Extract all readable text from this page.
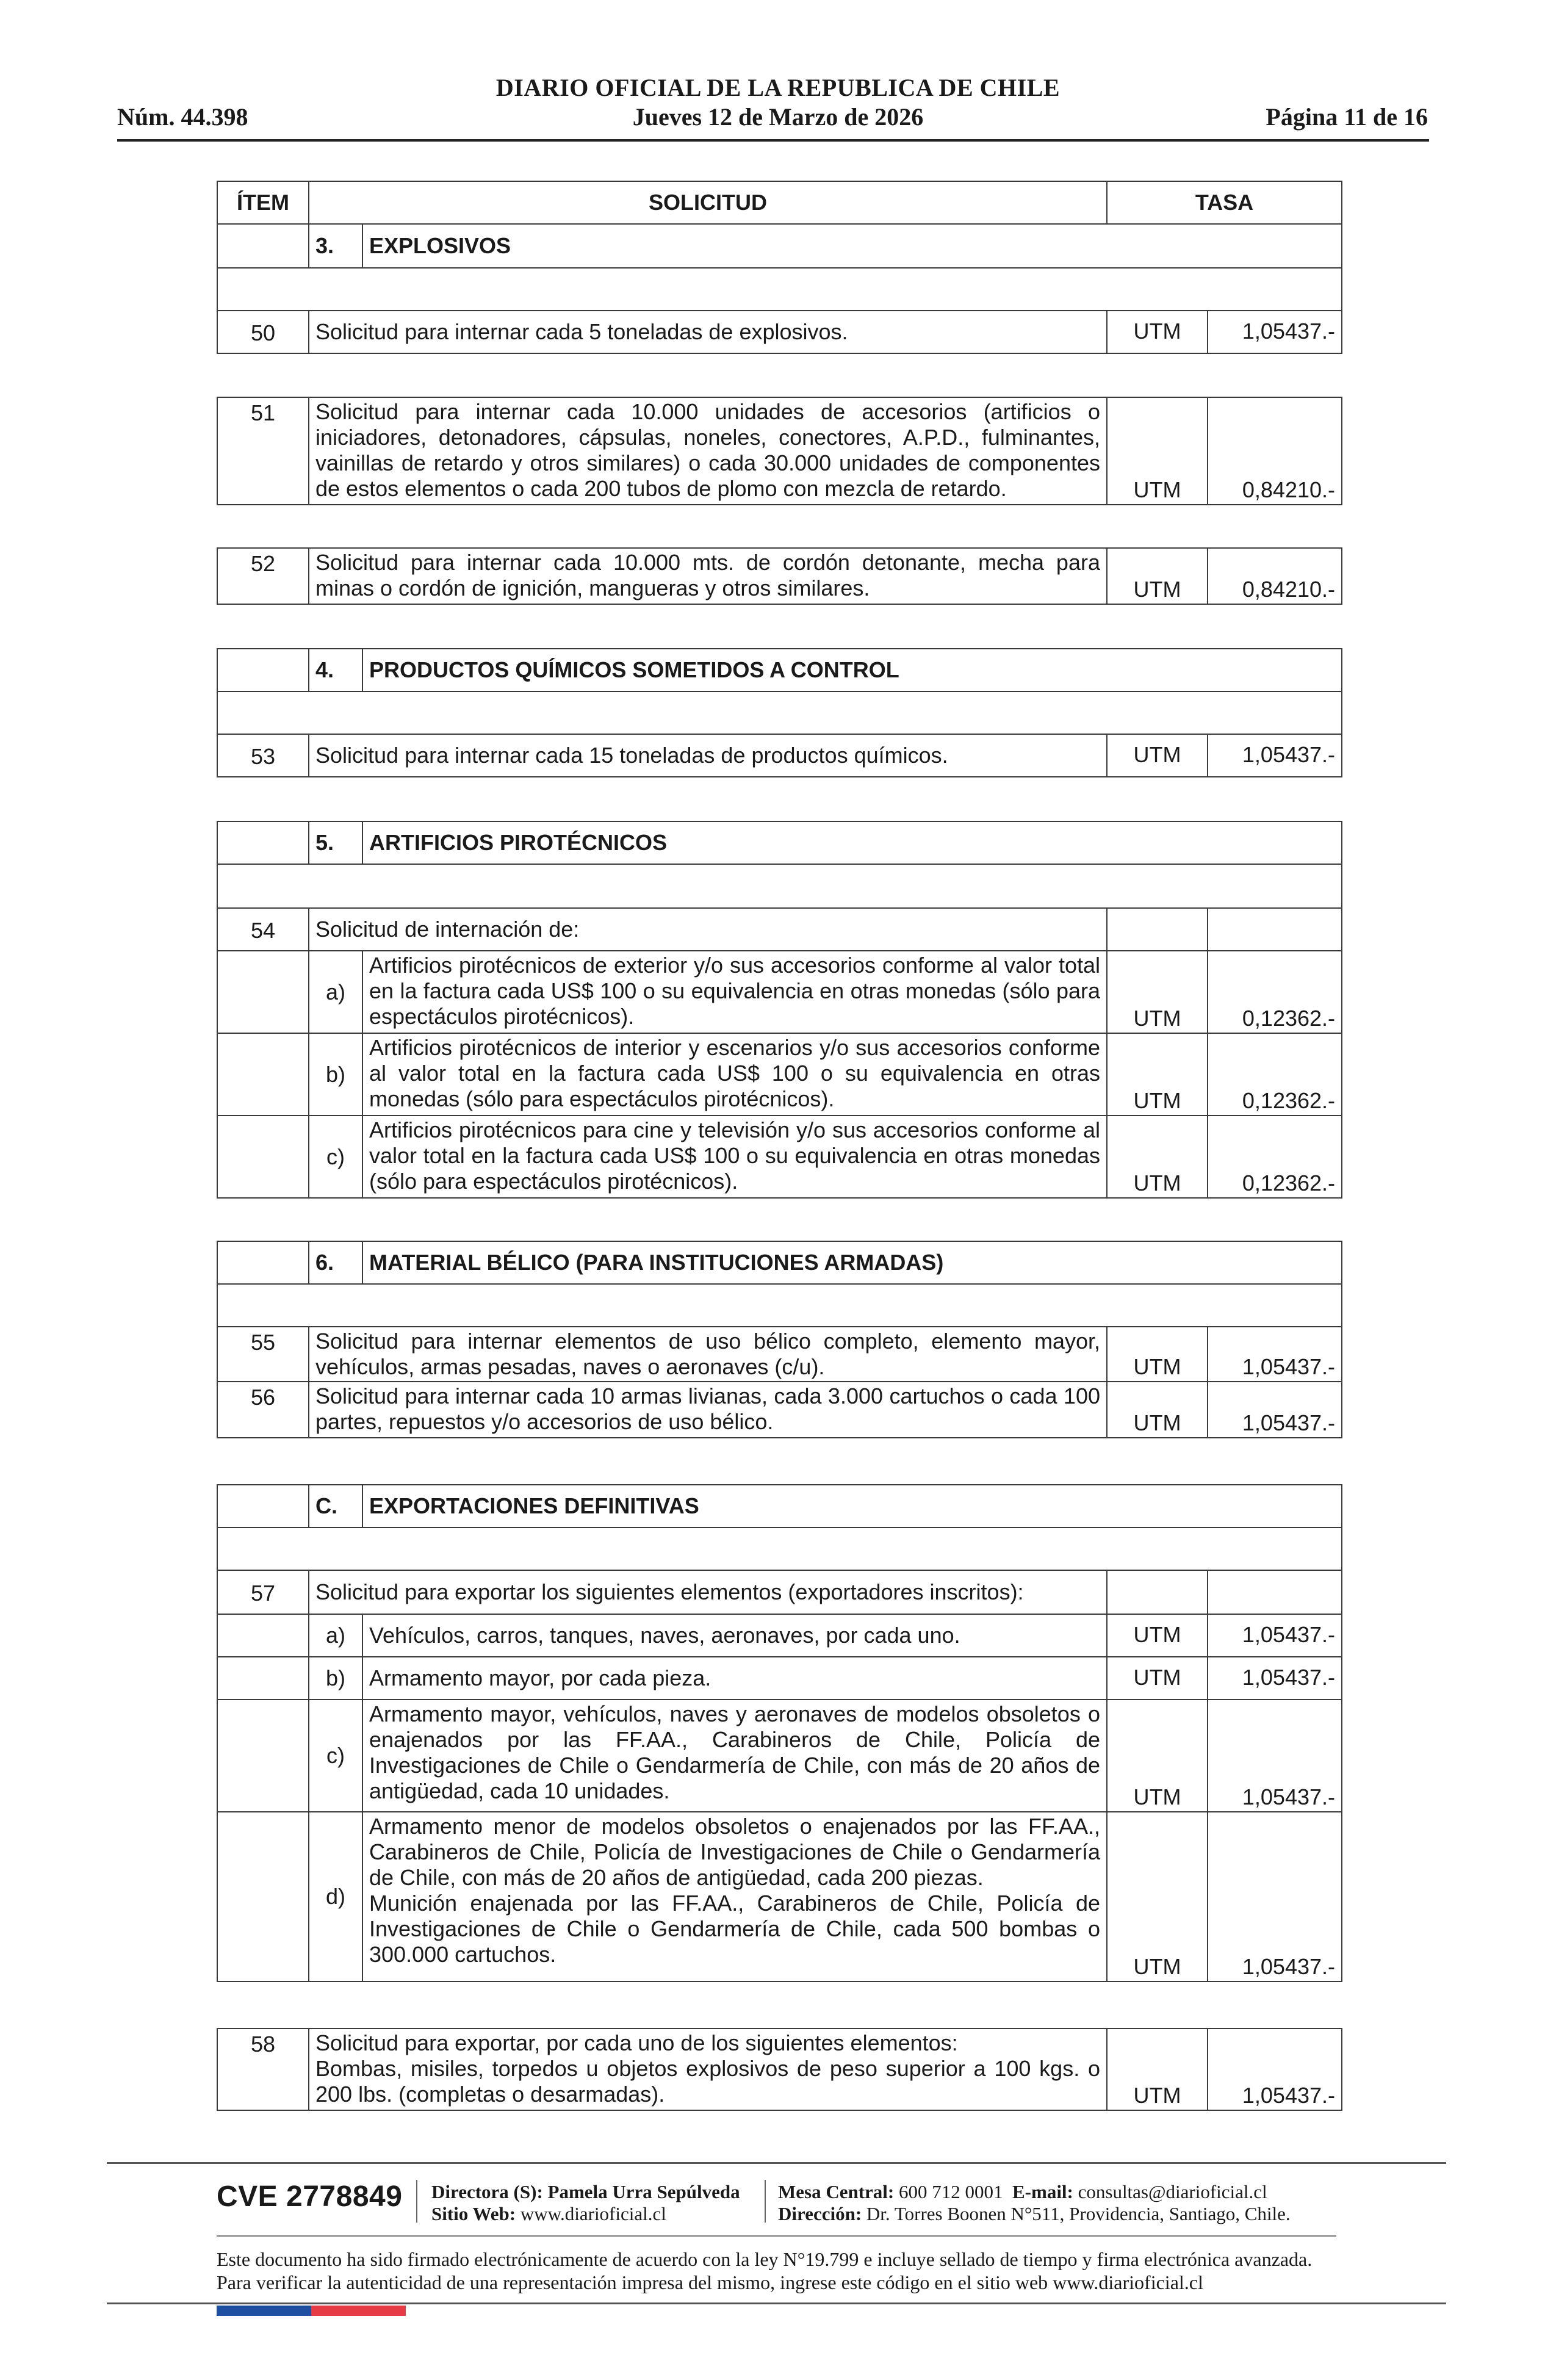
DIARIO OFICIAL DE LA REPUBLICA DE CHILE
Núm. 44.398	Jueves 12 de Marzo de 2026	Página 11 de 16
ÍTEM	SOLICITUD		TASA	
	3.	EXPLOSIVOS		

50	Solicitud para internar cada 5 toneladas de explosivos.		UTM	1,05437.-
51	Solicitud para internar cada 10.000 unidades de accesorios (artificios o iniciadores, detonadores, cápsulas, noneles, conectores, A.P.D., fulminantes, vainillas de retardo y otros similares) o cada 30.000 unidades de componentes de estos elementos o cada 200 tubos de plomo con mezcla de retardo.	UTM	0,84210.-
52	Solicitud para internar cada 10.000 mts. de cordón detonante, mecha para minas o cordón de ignición, mangueras y otros similares.	UTM	0,84210.-
	4.	PRODUCTOS QUÍMICOS SOMETIDOS A CONTROL		

53	Solicitud para internar cada 15 toneladas de productos químicos.		UTM	1,05437.-
	5.	ARTIFICIOS PIROTÉCNICOS		

54	Solicitud de internación de:			
	a)	Artificios pirotécnicos de exterior y/o sus accesorios conforme al valor total en la factura cada US$ 100 o su equivalencia en otras monedas (sólo para espectáculos pirotécnicos).	UTM	0,12362.-
	b)	Artificios pirotécnicos de interior y escenarios y/o sus accesorios conforme al valor total en la factura cada US$ 100 o su equivalencia en otras monedas (sólo para espectáculos pirotécnicos).	UTM	0,12362.-
	c)	Artificios pirotécnicos para cine y televisión y/o sus accesorios conforme al valor total en la factura cada US$ 100 o su equivalencia en otras monedas (sólo para espectáculos pirotécnicos).	UTM	0,12362.-
	6.	MATERIAL BÉLICO (PARA INSTITUCIONES ARMADAS)		

55	Solicitud para internar elementos de uso bélico completo, elemento mayor, vehículos, armas pesadas, naves o aeronaves (c/u).		UTM	1,05437.-
56	Solicitud para internar cada 10 armas livianas, cada 3.000 cartuchos o cada 100 partes, repuestos y/o accesorios de uso bélico.		UTM	1,05437.-
	C.	EXPORTACIONES DEFINITIVAS		

57	Solicitud para exportar los siguientes elementos (exportadores inscritos):			
	a)	Vehículos, carros, tanques, naves, aeronaves, por cada uno.	UTM	1,05437.-
	b)	Armamento mayor, por cada pieza.	UTM	1,05437.-
	c)	Armamento mayor, vehículos, naves y aeronaves de modelos obsoletos o enajenados por las FF.AA., Carabineros de Chile, Policía de Investigaciones de Chile o Gendarmería de Chile, con más de 20 años de antigüedad, cada 10 unidades.	UTM	1,05437.-
	d)	Armamento menor de modelos obsoletos o enajenados por las FF.AA., Carabineros de Chile, Policía de Investigaciones de Chile o Gendarmería de Chile, con más de 20 años de antigüedad, cada 200 piezas.
Munición enajenada por las FF.AA., Carabineros de Chile, Policía de Investigaciones de Chile o Gendarmería de Chile, cada 500 bombas o 300.000 cartuchos.	UTM	1,05437.-
58	Solicitud para exportar, por cada uno de los siguientes elementos:
Bombas, misiles, torpedos u objetos explosivos de peso superior a 100 kgs. o 200 lbs. (completas o desarmadas).	UTM	1,05437.-
CVE 2778849 Directora (S): Pamela Urra Sepúlveda
Sitio Web: www.diarioficial.cl
Mesa Central: 600 712 0001 E-mail: consultas@diarioficial.cl
Dirección: Dr. Torres Boonen N°511, Providencia, Santiago, Chile.
Este documento ha sido firmado electrónicamente de acuerdo con la ley N°19.799 e incluye sellado de tiempo y firma electrónica avanzada. Para verificar la autenticidad de una representación impresa del mismo, ingrese este código en el sitio web www.diarioficial.cl
